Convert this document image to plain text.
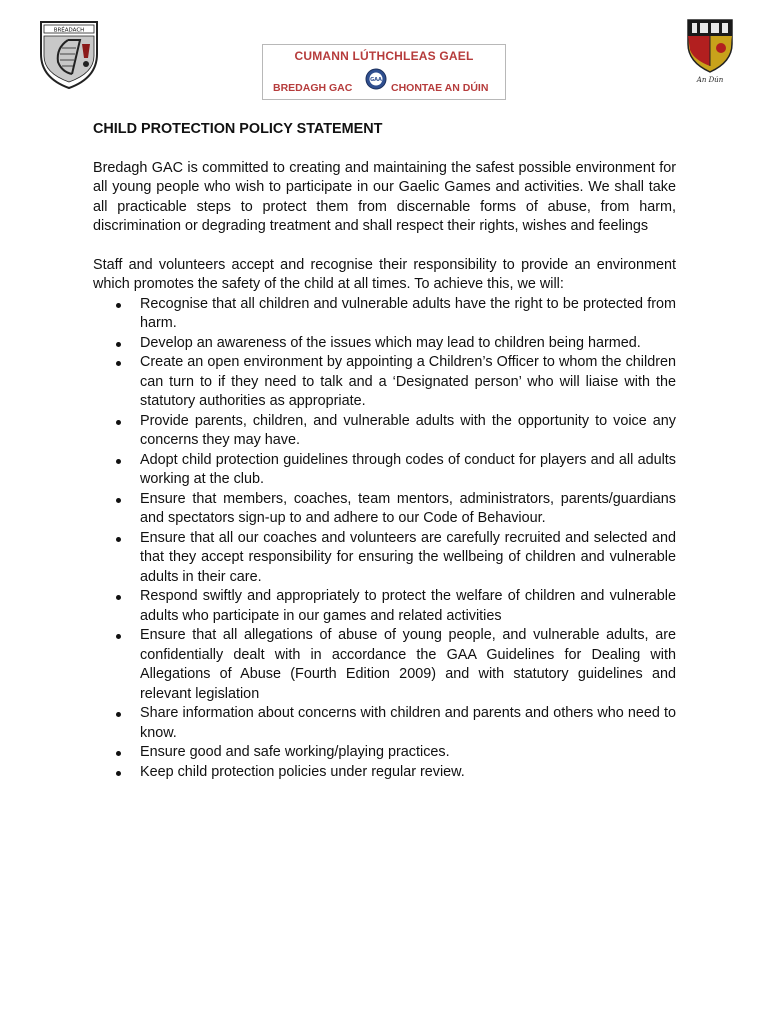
BRÉADACH
CUMANN LÚTHCHLEAS GAEL
BREDAGH GAC
GAA
CHONTAE AN DÚIN
An Dún
CHILD PROTECTION POLICY STATEMENT

Bredagh GAC is committed to creating and maintaining the safest possible environment for all young people who wish to participate in our Gaelic Games and activities. We shall take all practicable steps to protect them from discernable forms of abuse, from harm, discrimination or degrading treatment and shall respect their rights, wishes and feelings

Staff and volunteers accept and recognise their responsibility to provide an environment which promotes the safety of the child at all times. To achieve this, we will:

Recognise that all children and vulnerable adults have the right to be protected from harm.
Develop an awareness of the issues which may lead to children being harmed.
Create an open environment by appointing a Children’s Officer to whom the children can turn to if they need to talk and a ‘Designated person’ who will liaise with the statutory authorities as appropriate.
Provide parents, children, and vulnerable adults with the opportunity to voice any concerns they may have.
Adopt child protection guidelines through codes of conduct for players and all adults working at the club.
Ensure that members, coaches, team mentors, administrators, parents/guardians and spectators sign-up to and adhere to our Code of Behaviour.
Ensure that all our coaches and volunteers are carefully recruited and selected and that they accept responsibility for ensuring the wellbeing of children and vulnerable adults in their care.
Respond swiftly and appropriately to protect the welfare of children and vulnerable adults who participate in our games and related activities
Ensure that all allegations of abuse of young people, and vulnerable adults, are confidentially dealt with in accordance the GAA Guidelines for Dealing with Allegations of Abuse (Fourth Edition 2009) and with statutory guidelines and relevant legislation
Share information about concerns with children and parents and others who need to know.
Ensure good and safe working/playing practices.
Keep child protection policies under regular review.
